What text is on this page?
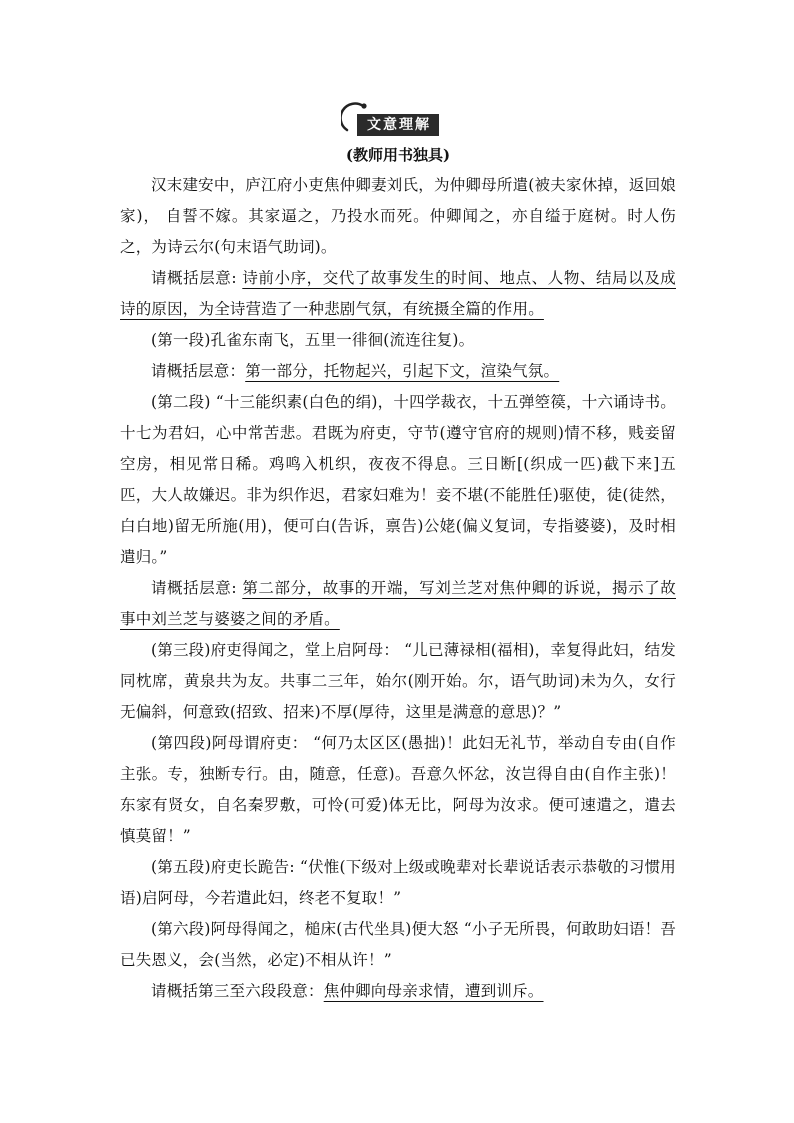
文意理解

(教师用书独具)

汉末建安中，庐江府小吏焦仲卿妻刘氏，为仲卿母所遣(被夫家休掉，返回娘家)， 自誓不嫁。其家逼之，乃投水而死。仲卿闻之，亦自缢于庭树。时人伤之，为诗云尔(句末语气助词)。

请概括层意: 诗前小序，交代了故事发生的时间、地点、人物、结局以及成诗的原因，为全诗营造了一种悲剧气氛，有统摄全篇的作用。

(第一段)孔雀东南飞，五里一徘徊(流连往复)。

请概括层意：第一部分，托物起兴，引起下文，渲染气氛。

(第二段) “十三能织素(白色的绢)，十四学裁衣，十五弹箜篌，十六诵诗书。十七为君妇，心中常苦悲。君既为府吏，守节(遵守官府的规则)情不移，贱妾留空房，相见常日稀。鸡鸣入机织，夜夜不得息。三日断[(织成一匹)截下来]五匹，大人故嫌迟。非为织作迟，君家妇难为！妾不堪(不能胜任)驱使，徒(徒然，白白地)留无所施(用)，便可白(告诉，禀告)公姥(偏义复词，专指婆婆)，及时相遣归。”

请概括层意: 第二部分，故事的开端，写刘兰芝对焦仲卿的诉说，揭示了故事中刘兰芝与婆婆之间的矛盾。

(第三段)府吏得闻之，堂上启阿母： “儿已薄禄相(福相)，幸复得此妇，结发同枕席，黄泉共为友。共事二三年，始尔(刚开始。尔，语气助词)未为久，女行无偏斜，何意致(招致、招来)不厚(厚待，这里是满意的意思)？”

(第四段)阿母谓府吏： “何乃太区区(愚拙)！此妇无礼节，举动自专由(自作主张。专，独断专行。由，随意，任意)。吾意久怀忿，汝岂得自由(自作主张)！东家有贤女，自名秦罗敷，可怜(可爱)体无比，阿母为汝求。便可速遣之，遣去慎莫留！”

(第五段)府吏长跪告: “伏惟(下级对上级或晚辈对长辈说话表示恭敬的习惯用语)启阿母，今若遣此妇，终老不复取！”

(第六段)阿母得闻之，槌床(古代坐具)便大怒 “小子无所畏，何敢助妇语！吾已失恩义，会(当然，必定)不相从许！”

请概括第三至六段段意：焦仲卿向母亲求情，遭到训斥。
